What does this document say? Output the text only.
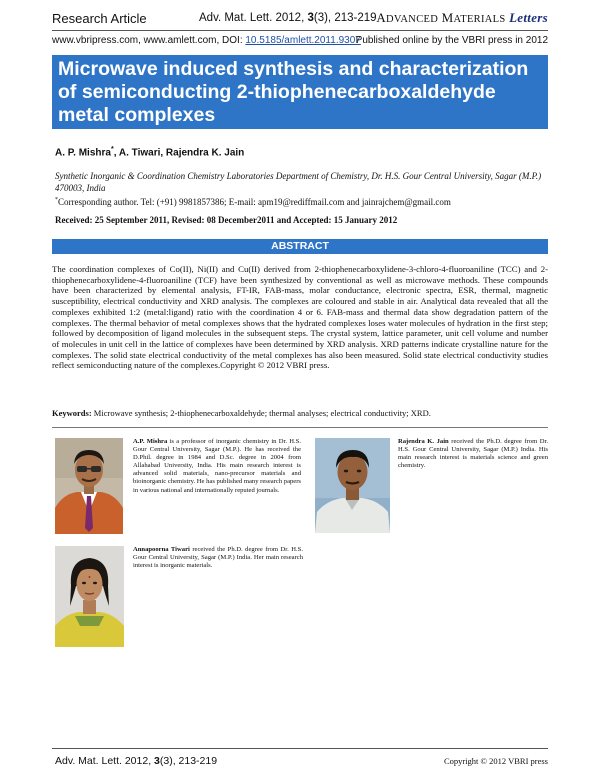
Research Article	Adv. Mat. Lett. 2012, 3(3), 213-219 ADVANCED MATERIALS Letters
www.vbripress.com, www.amlett.com, DOI: 10.5185/amlett.2011.9307
Published online by the VBRI press in 2012
Microwave induced synthesis and characterization of semiconducting 2-thiophenecarboxaldehyde metal complexes
A. P. Mishra*, A. Tiwari, Rajendra K. Jain
Synthetic Inorganic & Coordination Chemistry Laboratories Department of Chemistry, Dr. H.S. Gour Central University, Sagar (M.P.) 470003, India
*Corresponding author. Tel: (+91) 9981857386; E-mail: apm19@rediffmail.com and jainrajchem@gmail.com
Received: 25 September 2011, Revised: 08 December2011 and Accepted: 15 January 2012
ABSTRACT
The coordination complexes of Co(II), Ni(II) and Cu(II) derived from 2-thiophenecarboxylidene-3-chloro-4-fluoroaniline (TCC) and 2-thiophenecarboxylidene-4-fluoroaniline (TCF) have been synthesized by conventional as well as microwave methods. These compounds have been characterized by elemental analysis, FT-IR, FAB-mass, molar conductance, electronic spectra, ESR, thermal, magnetic susceptibility, electrical conductivity and XRD analysis. The complexes are coloured and stable in air. Analytical data revealed that all the complexes exhibited 1:2 (metal:ligand) ratio with the coordination 4 or 6. FAB-mass and thermal data show degradation pattern of the complexes. The thermal behavior of metal complexes shows that the hydrated complexes loses water molecules of hydration in the first step; followed by decomposition of ligand molecules in the subsequent steps. The crystal system, lattice parameter, unit cell volume and number of molecules in unit cell in the lattice of complexes have been determined by XRD analysis. XRD patterns indicate crystalline nature for the complexes. The solid state electrical conductivity of the metal complexes has also been measured. Solid state electrical conductivity studies reflect semiconducting nature of the complexes.Copyright © 2012 VBRI press.
Keywords: Microwave synthesis; 2-thiophenecarboxaldehyde; thermal analyses; electrical conductivity; XRD.
A.P. Mishra is a professor of inorganic chemistry in Dr. H.S. Gour Central University, Sagar (M.P.). He has received the D.Phil. degree in 1984 and D.Sc. degree in 2004 from Allahabad University, India. His main research interest is advanced solid materials, nano-precursor materials and bioinorganic chemistry. He has published many research papers in various national and internationally reputed journals.
Rajendra K. Jain received the Ph.D. degree from Dr. H.S. Gour Central University, Sagar (M.P.) India. His main research interest is materials science and green chemistry.
Annapoorna Tiwari received the Ph.D. degree from Dr. H.S. Gour Central University, Sagar (M.P.) India. Her main research interest is inorganic materials.
Adv. Mat. Lett. 2012, 3(3), 213-219	Copyright © 2012 VBRI press
